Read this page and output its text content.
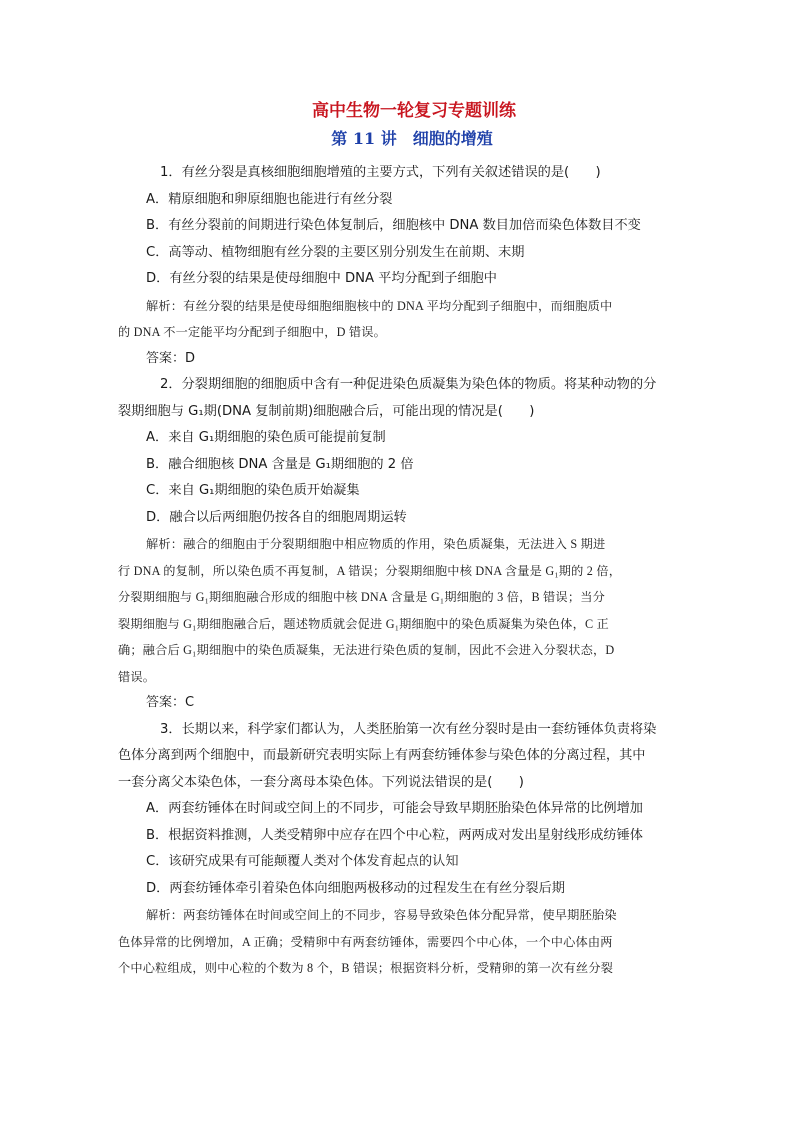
高中生物一轮复习专题训练
第 11 讲　细胞的增殖

1．有丝分裂是真核细胞细胞增殖的主要方式，下列有关叙述错误的是(　　)

A．精原细胞和卵原细胞也能进行有丝分裂

B．有丝分裂前的间期进行染色体复制后，细胞核中 DNA 数目加倍而染色体数目不变

C．高等动、植物细胞有丝分裂的主要区别分别发生在前期、末期

D．有丝分裂的结果是使母细胞中 DNA 平均分配到子细胞中

解析：有丝分裂的结果是使母细胞细胞核中的 DNA 平均分配到子细胞中，而细胞质中

的 DNA 不一定能平均分配到子细胞中，D 错误。

答案：D

2．分裂期细胞的细胞质中含有一种促进染色质凝集为染色体的物质。将某种动物的分

裂期细胞与 G₁期(DNA 复制前期)细胞融合后，可能出现的情况是(　　)

A．来自 G₁期细胞的染色质可能提前复制

B．融合细胞核 DNA 含量是 G₁期细胞的 2 倍

C．来自 G₁期细胞的染色质开始凝集

D．融合以后两细胞仍按各自的细胞周期运转

解析：融合的细胞由于分裂期细胞中相应物质的作用，染色质凝集，无法进入 S 期进

行 DNA 的复制，所以染色质不再复制，A 错误；分裂期细胞中核 DNA 含量是 G₁期的 2 倍，

分裂期细胞与 G₁期细胞融合形成的细胞中核 DNA 含量是 G₁期细胞的 3 倍，B 错误；当分

裂期细胞与 G₁期细胞融合后，题述物质就会促进 G₁期细胞中的染色质凝集为染色体，C 正

确；融合后 G₁期细胞中的染色质凝集，无法进行染色质的复制，因此不会进入分裂状态，D

错误。

答案：C

3．长期以来，科学家们都认为，人类胚胎第一次有丝分裂时是由一套纺锤体负责将染

色体分离到两个细胞中，而最新研究表明实际上有两套纺锤体参与染色体的分离过程，其中

一套分离父本染色体，一套分离母本染色体。下列说法错误的是(　　)

A．两套纺锤体在时间或空间上的不同步，可能会导致早期胚胎染色体异常的比例增加

B．根据资料推测，人类受精卵中应存在四个中心粒，两两成对发出星射线形成纺锤体

C．该研究成果有可能颠覆人类对个体发育起点的认知

D．两套纺锤体牵引着染色体向细胞两极移动的过程发生在有丝分裂后期

解析：两套纺锤体在时间或空间上的不同步，容易导致染色体分配异常，使早期胚胎染

色体异常的比例增加，A 正确；受精卵中有两套纺锤体，需要四个中心体，一个中心体由两

个中心粒组成，则中心粒的个数为 8 个，B 错误；根据资料分析，受精卵的第一次有丝分裂
